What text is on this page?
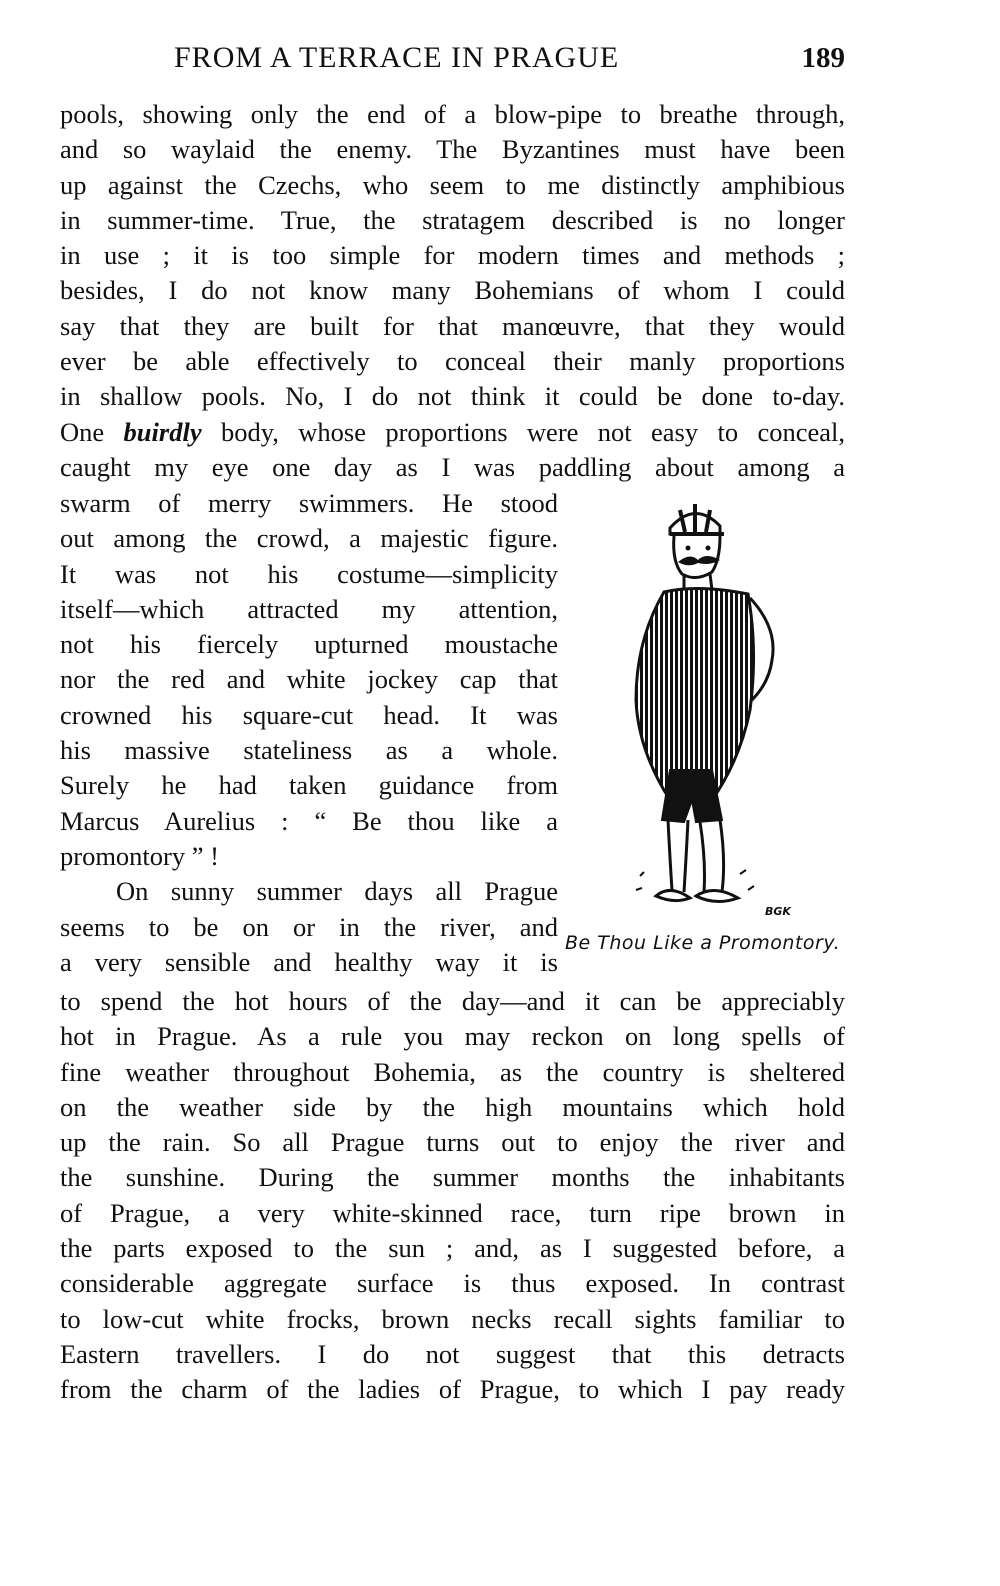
FROM A TERRACE IN PRAGUE	189
pools, showing only the end of a blow-pipe to breathe through,
and so waylaid the enemy. The Byzantines must have been
up against the Czechs, who seem to me distinctly amphibious
in summer-time. True, the stratagem described is no longer
in use ; it is too simple for modern times and methods ;
besides, I do not know many Bohemians of whom I could
say that they are built for that manœuvre, that they would
ever be able effectively to conceal their manly proportions
in shallow pools. No, I do not think it could be done to-day.
One buirdly body, whose proportions were not easy to conceal,
caught my eye one day as I was paddling about among a
swarm of merry swimmers. He stood
out among the crowd, a majestic figure.
It was not his costume—simplicity
itself—which attracted my attention,
not his fiercely upturned moustache
nor the red and white jockey cap that
crowned his square-cut head. It was
his massive stateliness as a whole.
Surely he had taken guidance from
Marcus Aurelius : “ Be thou like a
promontory ” !
On sunny summer days all Prague
seems to be on or in the river, and
a very sensible and healthy way it is
BGK
Be Thou Like a Promontory.
to spend the hot hours of the day—and it can be appreciably
hot in Prague. As a rule you may reckon on long spells of
fine weather throughout Bohemia, as the country is sheltered
on the weather side by the high mountains which hold
up the rain. So all Prague turns out to enjoy the river and
the sunshine. During the summer months the inhabitants
of Prague, a very white-skinned race, turn ripe brown in
the parts exposed to the sun ; and, as I suggested before, a
considerable aggregate surface is thus exposed. In contrast
to low-cut white frocks, brown necks recall sights familiar to
Eastern travellers. I do not suggest that this detracts
from the charm of the ladies of Prague, to which I pay ready
